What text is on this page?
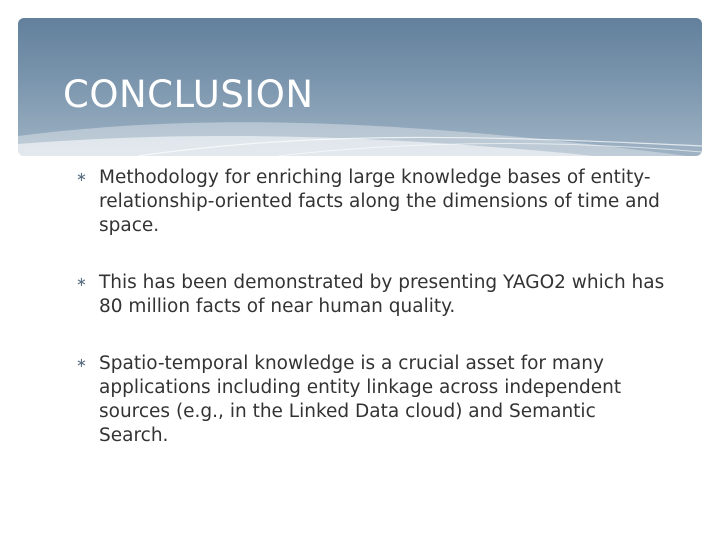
CONCLUSION
∗ Methodology for enriching large knowledge bases of entity-relationship-oriented facts along the dimensions of time and space.
∗ This has been demonstrated by presenting YAGO2 which has 80 million facts of near human quality.
∗ Spatio-temporal knowledge is a crucial asset for many applications including entity linkage across independent sources (e.g., in the Linked Data cloud) and Semantic Search.
